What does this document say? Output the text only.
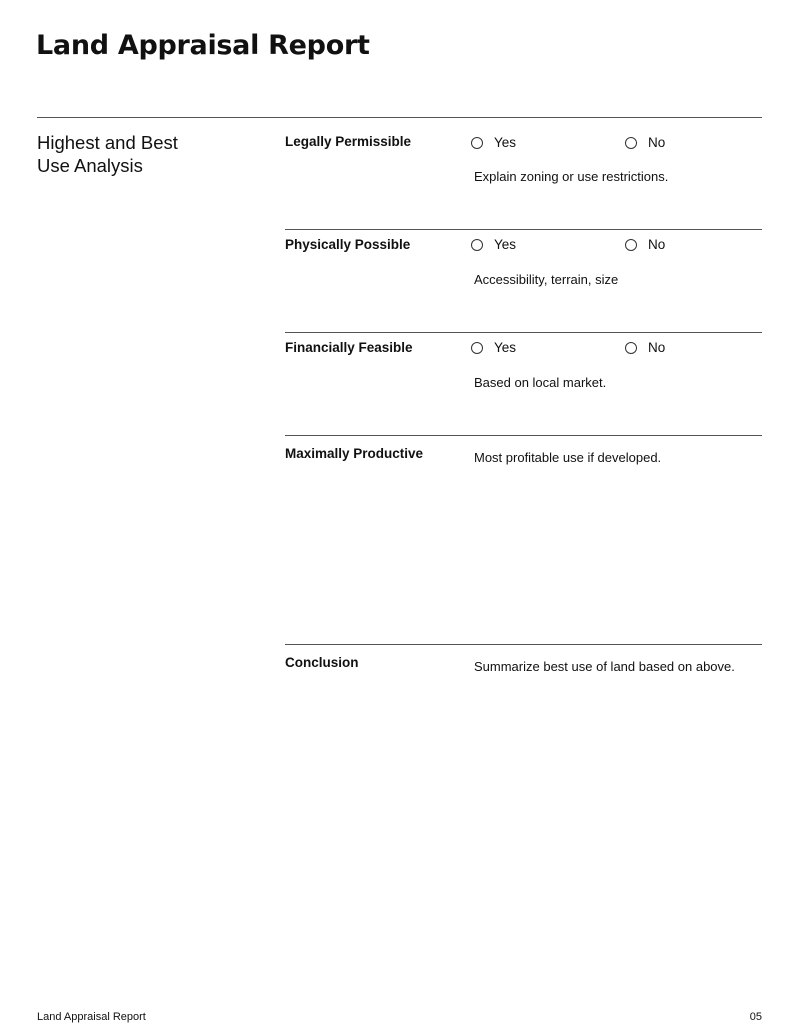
Land Appraisal Report
Highest and Best
Use Analysis
Legally Permissible	Yes	No
Explain zoning or use restrictions.
Physically Possible	Yes	No
Accessibility, terrain, size
Financially Feasible	Yes	No
Based on local market.
Maximally Productive	Most profitable use if developed.
Conclusion	Summarize best use of land based on above.
Land Appraisal Report	05
